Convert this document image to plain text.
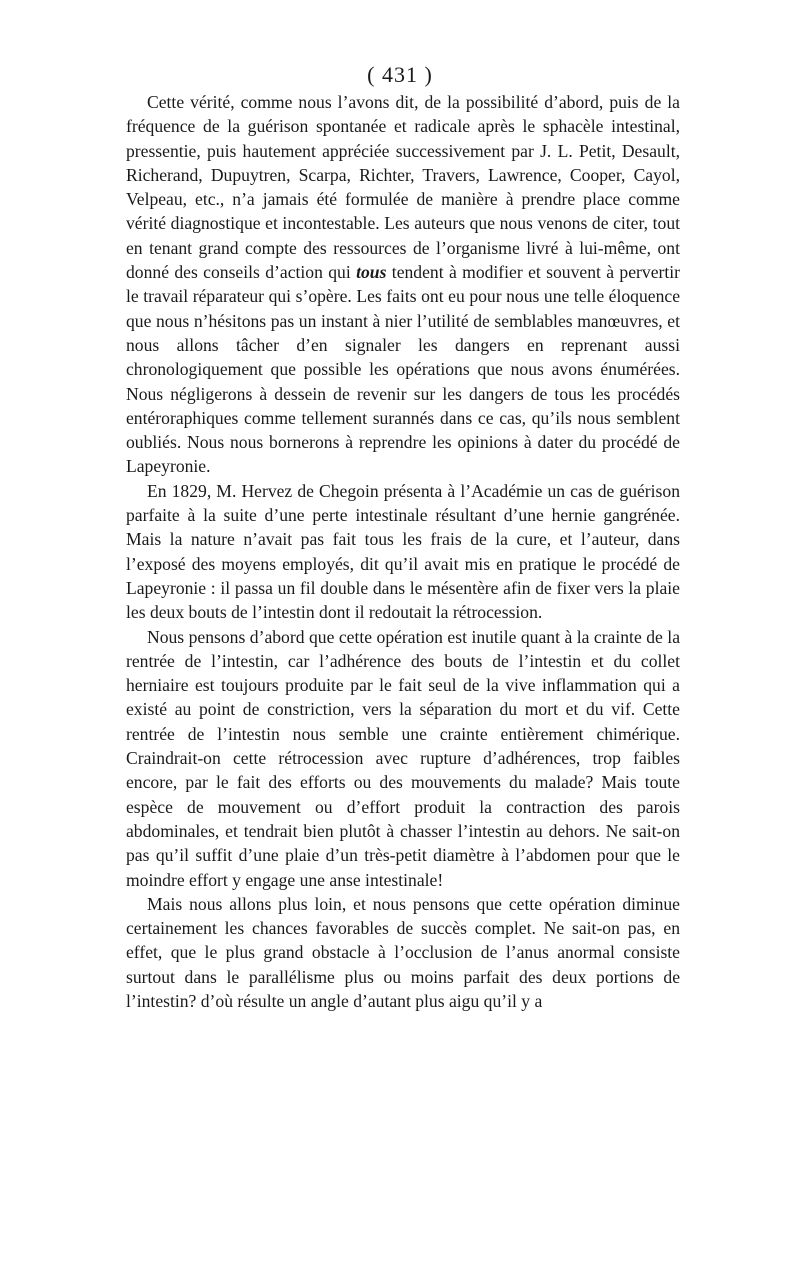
( 431 )

Cette vérité, comme nous l’avons dit, de la possibilité d’abord, puis de la fréquence de la guérison spontanée et radicale après le sphacèle intestinal, pressentie, puis hautement appréciée successivement par J. L. Petit, Desault, Richerand, Dupuytren, Scarpa, Richter, Travers, Lawrence, Cooper, Cayol, Velpeau, etc., n’a jamais été formulée de manière à prendre place comme vérité diagnostique et incontestable. Les auteurs que nous venons de citer, tout en tenant grand compte des ressources de l’organisme livré à lui-même, ont donné des conseils d’action qui tous tendent à modifier et souvent à pervertir le travail réparateur qui s’opère. Les faits ont eu pour nous une telle éloquence que nous n’hésitons pas un instant à nier l’utilité de semblables manœuvres, et nous allons tâcher d’en signaler les dangers en reprenant aussi chronologiquement que possible les opérations que nous avons énumérées. Nous négligerons à dessein de revenir sur les dangers de tous les procédés entéroraphiques comme tellement surannés dans ce cas, qu’ils nous semblent oubliés. Nous nous bornerons à reprendre les opinions à dater du procédé de Lapeyronie.

En 1829, M. Hervez de Chegoin présenta à l’Académie un cas de guérison parfaite à la suite d’une perte intestinale résultant d’une hernie gangrénée. Mais la nature n’avait pas fait tous les frais de la cure, et l’auteur, dans l’exposé des moyens employés, dit qu’il avait mis en pratique le procédé de Lapeyronie : il passa un fil double dans le mésentère afin de fixer vers la plaie les deux bouts de l’intestin dont il redoutait la rétrocession.

Nous pensons d’abord que cette opération est inutile quant à la crainte de la rentrée de l’intestin, car l’adhérence des bouts de l’intestin et du collet herniaire est toujours produite par le fait seul de la vive inflammation qui a existé au point de constriction, vers la séparation du mort et du vif. Cette rentrée de l’intestin nous semble une crainte entièrement chimérique. Craindrait-on cette rétrocession avec rupture d’adhérences, trop faibles encore, par le fait des efforts ou des mouvements du malade? Mais toute espèce de mouvement ou d’effort produit la contraction des parois abdominales, et tendrait bien plutôt à chasser l’intestin au dehors. Ne sait-on pas qu’il suffit d’une plaie d’un très-petit diamètre à l’abdomen pour que le moindre effort y engage une anse intestinale!

Mais nous allons plus loin, et nous pensons que cette opération diminue certainement les chances favorables de succès complet. Ne sait-on pas, en effet, que le plus grand obstacle à l’occlusion de l’anus anormal consiste surtout dans le parallélisme plus ou moins parfait des deux portions de l’intestin? d’où résulte un angle d’autant plus aigu qu’il y a
